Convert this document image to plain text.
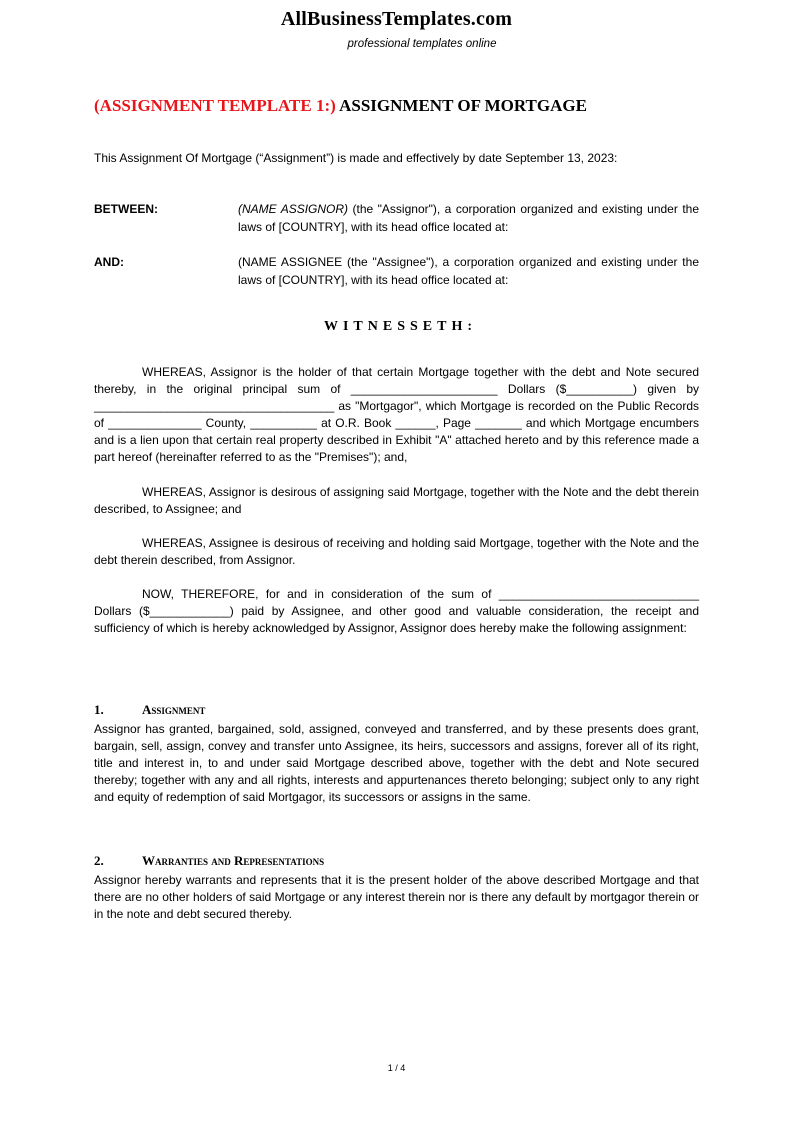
AllBusinessTemplates.com
professional templates online
(ASSIGNMENT TEMPLATE 1:) ASSIGNMENT OF MORTGAGE
This Assignment Of Mortgage (“Assignment”) is made and effectively by date September 13, 2023:
BETWEEN:	(NAME ASSIGNOR) (the "Assignor"), a corporation organized and existing under the laws of [COUNTRY], with its head office located at:
AND:	(NAME ASSIGNEE (the "Assignee"), a corporation organized and existing under the laws of [COUNTRY], with its head office located at:
WITNESSETH:
WHEREAS, Assignor is the holder of that certain Mortgage together with the debt and Note secured thereby, in the original principal sum of ______________________ Dollars ($__________) given by ____________________________________ as "Mortgagor", which Mortgage is recorded on the Public Records of ______________ County, __________ at O.R. Book ______, Page _______ and which Mortgage encumbers and is a lien upon that certain real property described in Exhibit "A" attached hereto and by this reference made a part hereof (hereinafter referred to as the "Premises"); and,
WHEREAS, Assignor is desirous of assigning said Mortgage, together with the Note and the debt therein described, to Assignee; and
WHEREAS, Assignee is desirous of receiving and holding said Mortgage, together with the Note and the debt therein described, from Assignor.
NOW, THEREFORE, for and in consideration of the sum of ______________________________ Dollars ($____________) paid by Assignee, and other good and valuable consideration, the receipt and sufficiency of which is hereby acknowledged by Assignor, Assignor does hereby make the following assignment:
1.	Assignment
Assignor has granted, bargained, sold, assigned, conveyed and transferred, and by these presents does grant, bargain, sell, assign, convey and transfer unto Assignee, its heirs, successors and assigns, forever all of its right, title and interest in, to and under said Mortgage described above, together with the debt and Note secured thereby; together with any and all rights, interests and appurtenances thereto belonging; subject only to any right and equity of redemption of said Mortgagor, its successors or assigns in the same.
2.	Warranties and Representations
Assignor hereby warrants and represents that it is the present holder of the above described Mortgage and that there are no other holders of said Mortgage or any interest therein nor is there any default by mortgagor therein or in the note and debt secured thereby.
1 / 4
